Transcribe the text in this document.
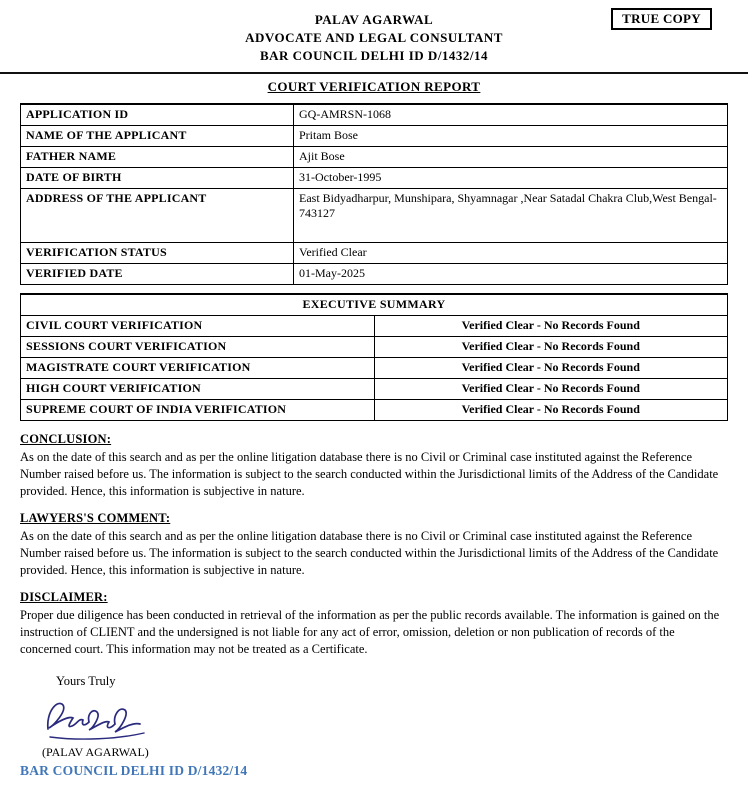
TRUE COPY
PALAV AGARWAL
ADVOCATE AND LEGAL CONSULTANT
BAR COUNCIL DELHI ID D/1432/14
COURT VERIFICATION REPORT
APPLICATION ID	GQ-AMRSN-1068
NAME OF THE APPLICANT	Pritam Bose
FATHER NAME	Ajit Bose
DATE OF BIRTH	31-October-1995
ADDRESS OF THE APPLICANT	East Bidyadharpur, Munshipara, Shyamnagar ,Near Satadal Chakra Club,West Bengal-743127
VERIFICATION STATUS	Verified Clear
VERIFIED DATE	01-May-2025
EXECUTIVE SUMMARY	
CIVIL COURT VERIFICATION	Verified Clear - No Records Found
SESSIONS COURT VERIFICATION	Verified Clear - No Records Found
MAGISTRATE COURT VERIFICATION	Verified Clear - No Records Found
HIGH COURT VERIFICATION	Verified Clear - No Records Found
SUPREME COURT OF INDIA VERIFICATION	Verified Clear - No Records Found
CONCLUSION:

As on the date of this search and as per the online litigation database there is no Civil or Criminal case instituted against the Reference Number raised before us. The information is subject to the search conducted within the Jurisdictional limits of the Address of the Candidate provided. Hence, this information is subjective in nature.

LAWYERS'S COMMENT:

As on the date of this search and as per the online litigation database there is no Civil or Criminal case instituted against the Reference Number raised before us. The information is subject to the search conducted within the Jurisdictional limits of the Address of the Candidate provided. Hence, this information is subjective in nature.

DISCLAIMER:

Proper due diligence has been conducted in retrieval of the information as per the public records available. The information is gained on the instruction of CLIENT and the undersigned is not liable for any act of error, omission, deletion or non publication of records of the concerned court. This information may not be treated as a Certificate.

Yours Truly
(PALAV AGARWAL)
BAR COUNCIL DELHI ID D/1432/14
